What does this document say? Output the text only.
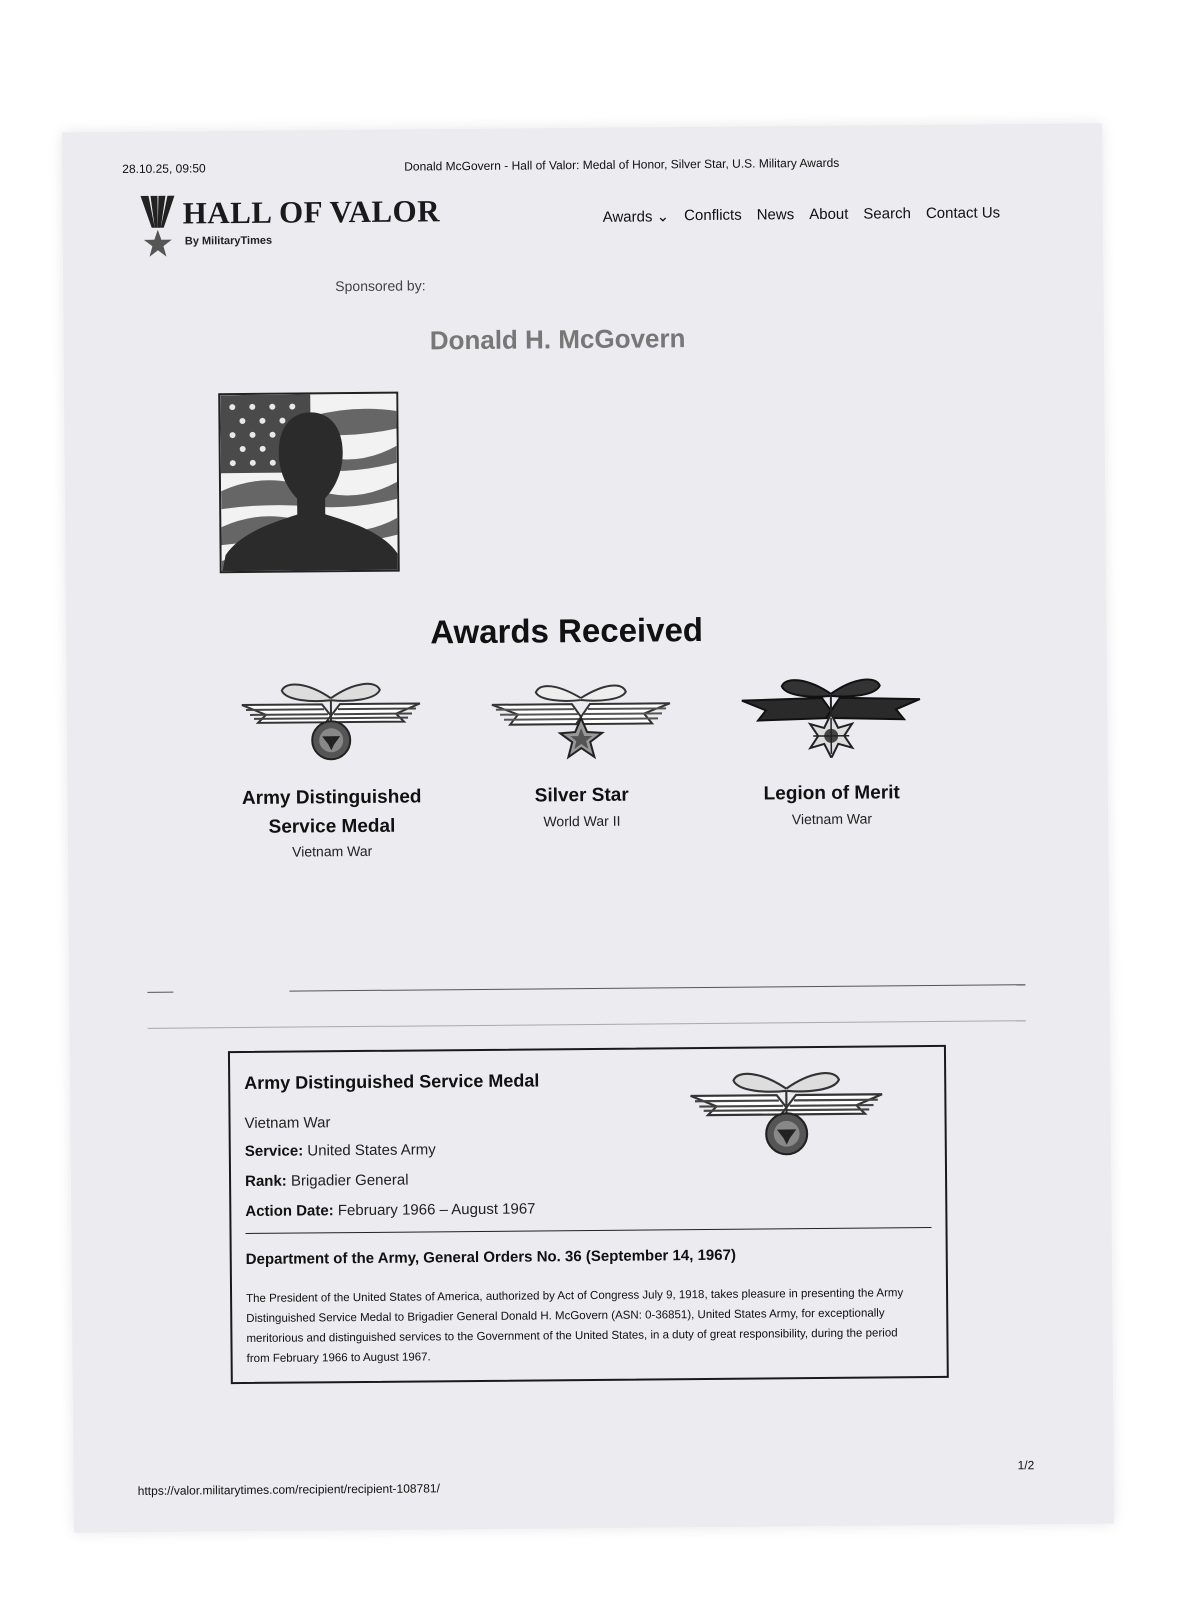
28.10.25, 09:50	Donald McGovern - Hall of Valor: Medal of Honor, Silver Star, U.S. Military Awards
HALL OF VALOR
By MilitaryTimes
Awards ⌄ Conflicts News About Search Contact Us
Sponsored by:
Donald H. McGovern
Awards Received
Army Distinguished Service Medal
Vietnam War
Silver Star
World War II
Legion of Merit
Vietnam War
Army Distinguished Service Medal
Vietnam War
Service: United States Army
Rank: Brigadier General
Action Date: February 1966 – August 1967
Department of the Army, General Orders No. 36 (September 14, 1967)

The President of the United States of America, authorized by Act of Congress July 9, 1918, takes pleasure in presenting the Army Distinguished Service Medal to Brigadier General Donald H. McGovern (ASN: 0-36851), United States Army, for exceptionally meritorious and distinguished services to the Government of the United States, in a duty of great responsibility, during the period from February 1966 to August 1967.

https://valor.militarytimes.com/recipient/recipient-108781/
1/2
